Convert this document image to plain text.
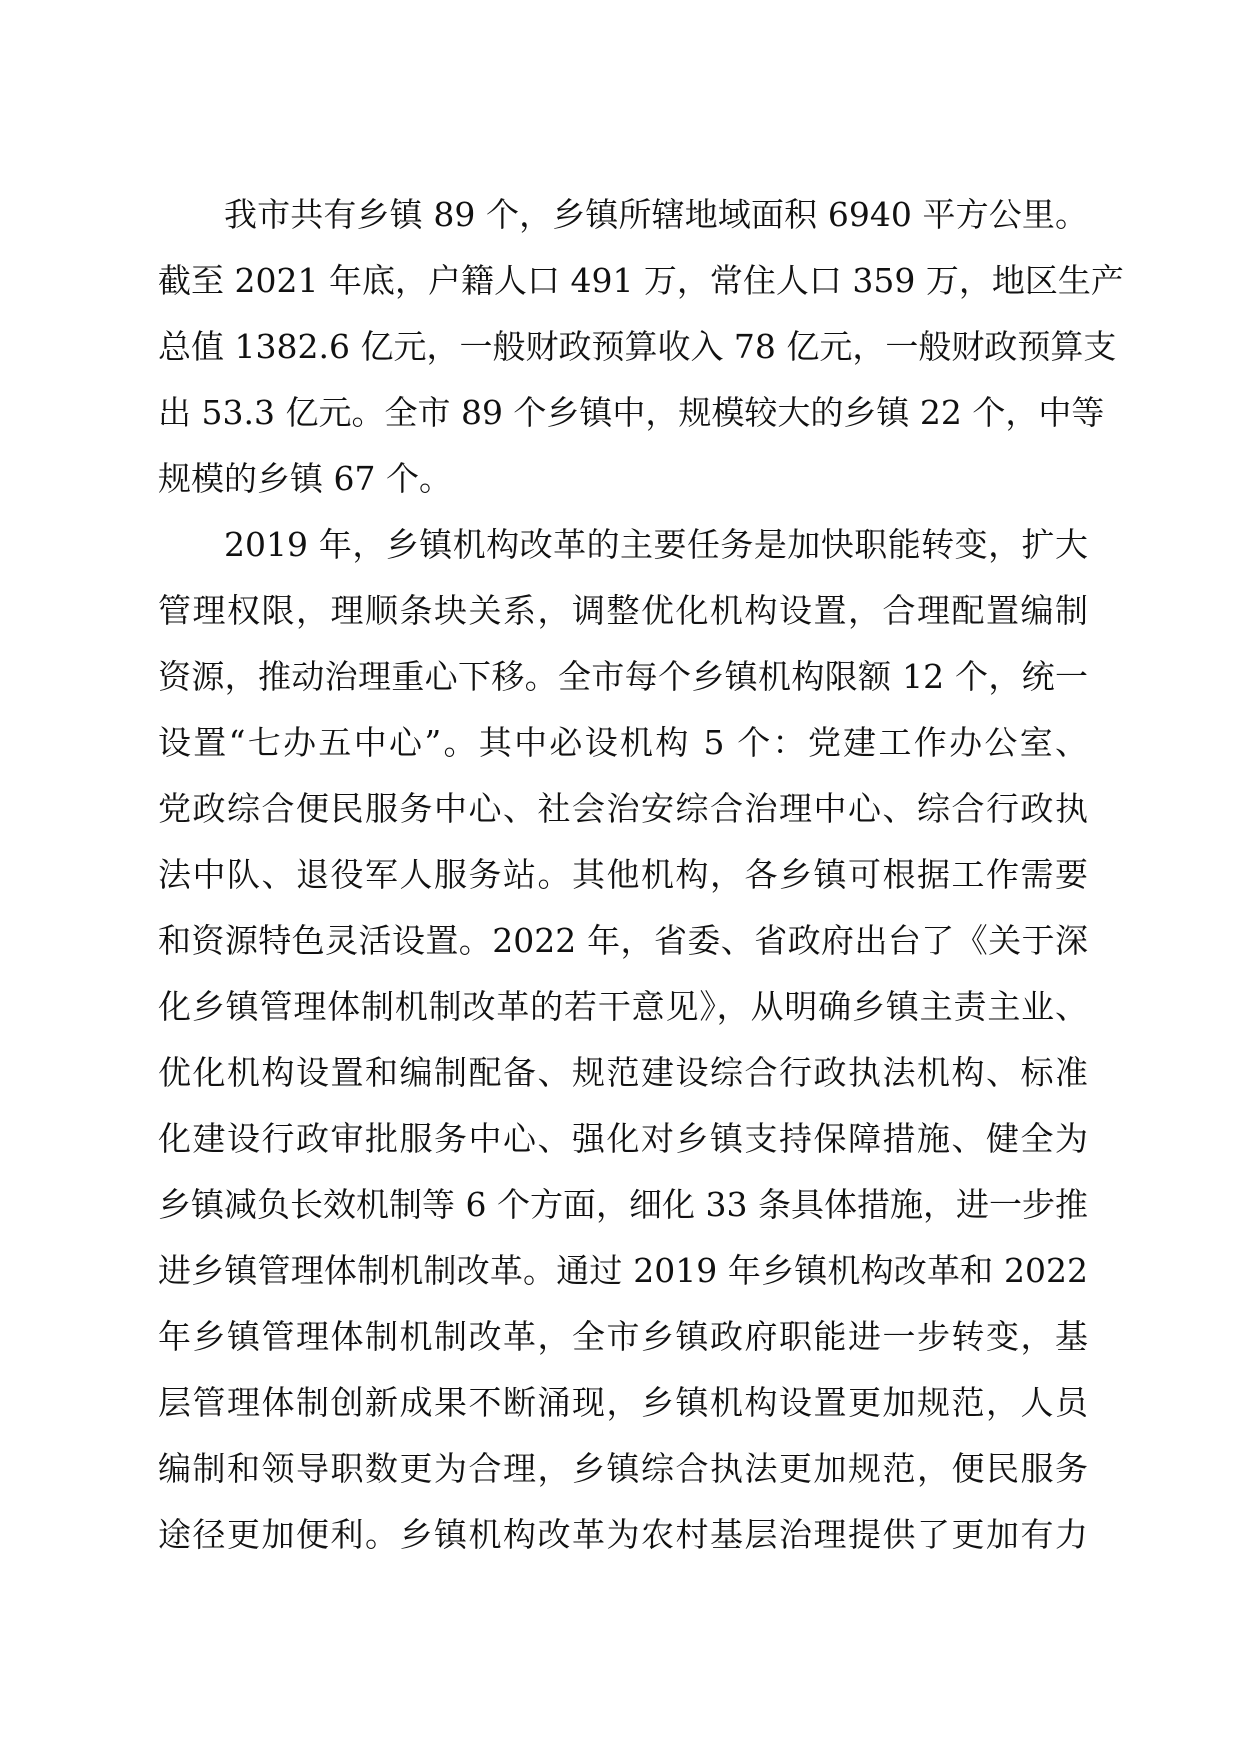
我市共有乡镇 89 个，乡镇所辖地域面积 6940 平方公里。
截至 2021 年底，户籍人口 491 万，常住人口 359 万，地区生产
总值 1382.6 亿元，一般财政预算收入 78 亿元，一般财政预算支
出 53.3 亿元。全市 89 个乡镇中，规模较大的乡镇 22 个，中等
规模的乡镇 67 个。
2019 年，乡镇机构改革的主要任务是加快职能转变，扩大
管理权限，理顺条块关系，调整优化机构设置，合理配置编制
资源，推动治理重心下移。全市每个乡镇机构限额 12 个，统一
设置“七办五中心”。其中必设机构 5 个：党建工作办公室、
党政综合便民服务中心、社会治安综合治理中心、综合行政执
法中队、退役军人服务站。其他机构，各乡镇可根据工作需要
和资源特色灵活设置。2022 年，省委、省政府出台了《关于深
化乡镇管理体制机制改革的若干意见》，从明确乡镇主责主业、
优化机构设置和编制配备、规范建设综合行政执法机构、标准
化建设行政审批服务中心、强化对乡镇支持保障措施、健全为
乡镇减负长效机制等 6 个方面，细化 33 条具体措施，进一步推
进乡镇管理体制机制改革。通过 2019 年乡镇机构改革和 2022
年乡镇管理体制机制改革，全市乡镇政府职能进一步转变，基
层管理体制创新成果不断涌现，乡镇机构设置更加规范，人员
编制和领导职数更为合理，乡镇综合执法更加规范，便民服务
途径更加便利。乡镇机构改革为农村基层治理提供了更加有力
